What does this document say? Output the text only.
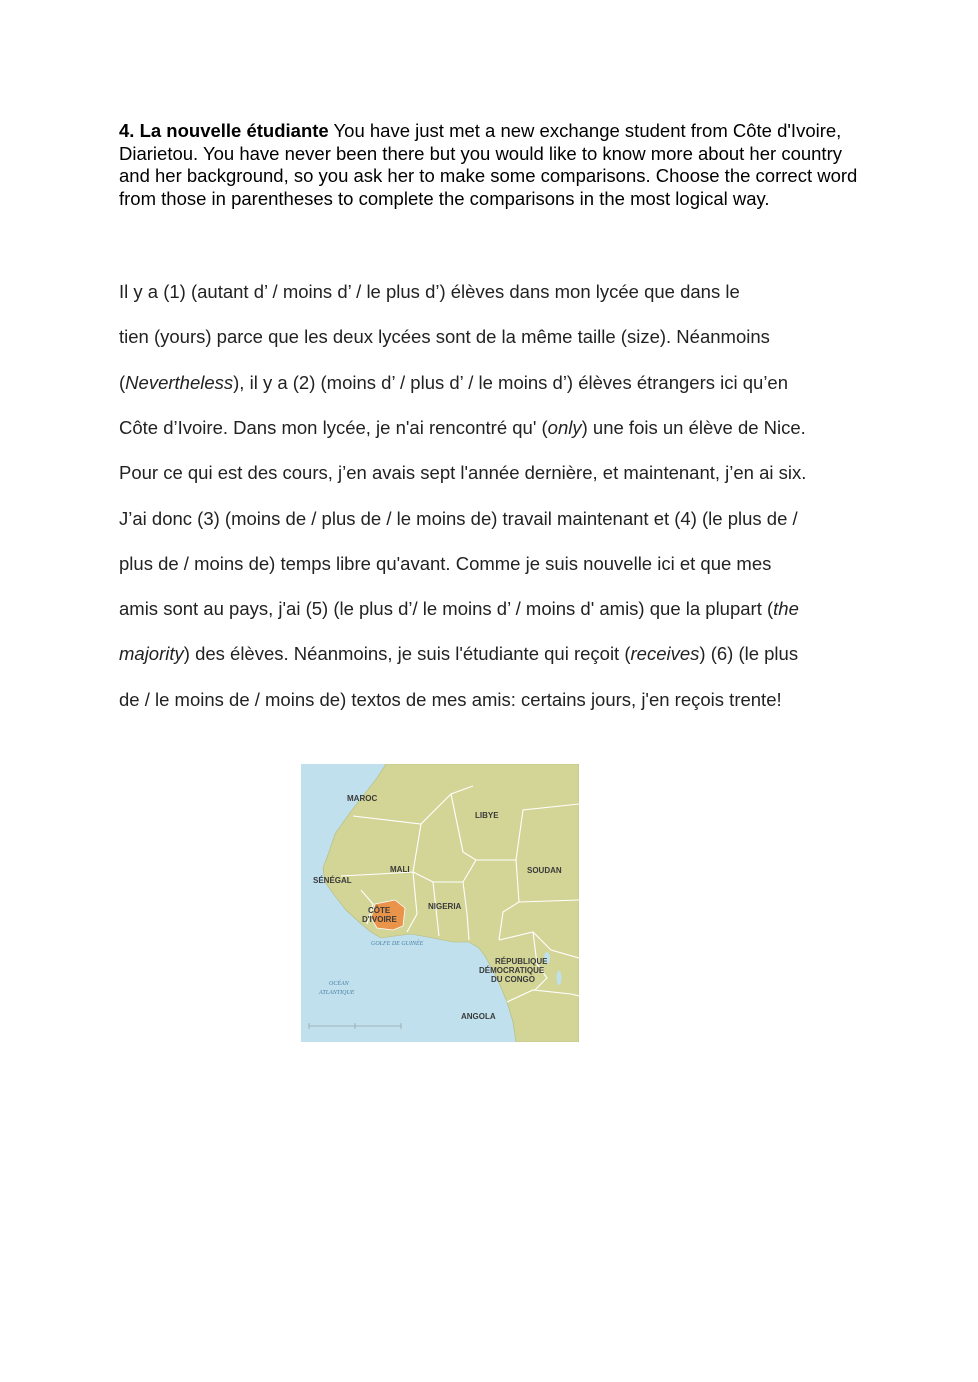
4. La nouvelle étudiante You have just met a new exchange student from Côte d'Ivoire, Diarietou. You have never been there but you would like to know more about her country and her background, so you ask her to make some comparisons. Choose the correct word from those in parentheses to complete the comparisons in the most logical way.

Il y a (1) (autant d’ / moins d’ / le plus d’) élèves dans mon lycée que dans le
tien (yours) parce que les deux lycées sont de la même taille (size). Néanmoins
(Nevertheless), il y a (2) (moins d’ / plus d’ / le moins d’) élèves étrangers ici qu’en
Côte d’Ivoire. Dans mon lycée, je n'ai rencontré qu' (only) une fois un élève de Nice.
Pour ce qui est des cours, j’en avais sept l'année dernière, et maintenant, j’en ai six.
J’ai donc (3) (moins de / plus de / le moins de) travail maintenant et (4) (le plus de /
plus de / moins de) temps libre qu'avant. Comme je suis nouvelle ici et que mes
amis sont au pays, j'ai (5) (le plus d’/ le moins d’ / moins d' amis) que la plupart (the
majority) des élèves. Néanmoins, je suis l'étudiante qui reçoit (receives) (6) (le plus
de / le moins de / moins de) textos de mes amis: certains jours, j'en reçois trente!
MAROC
LIBYE
MALI	SOUDAN
SÉNÉGAL
CÔTE
D'IVOIRE
NIGERIA
GOLFE DE GUINÉE
RÉPUBLIQUE
DÉMOCRATIQUE
DU CONGO
OCÉAN
ATLANTIQUE
ANGOLA
